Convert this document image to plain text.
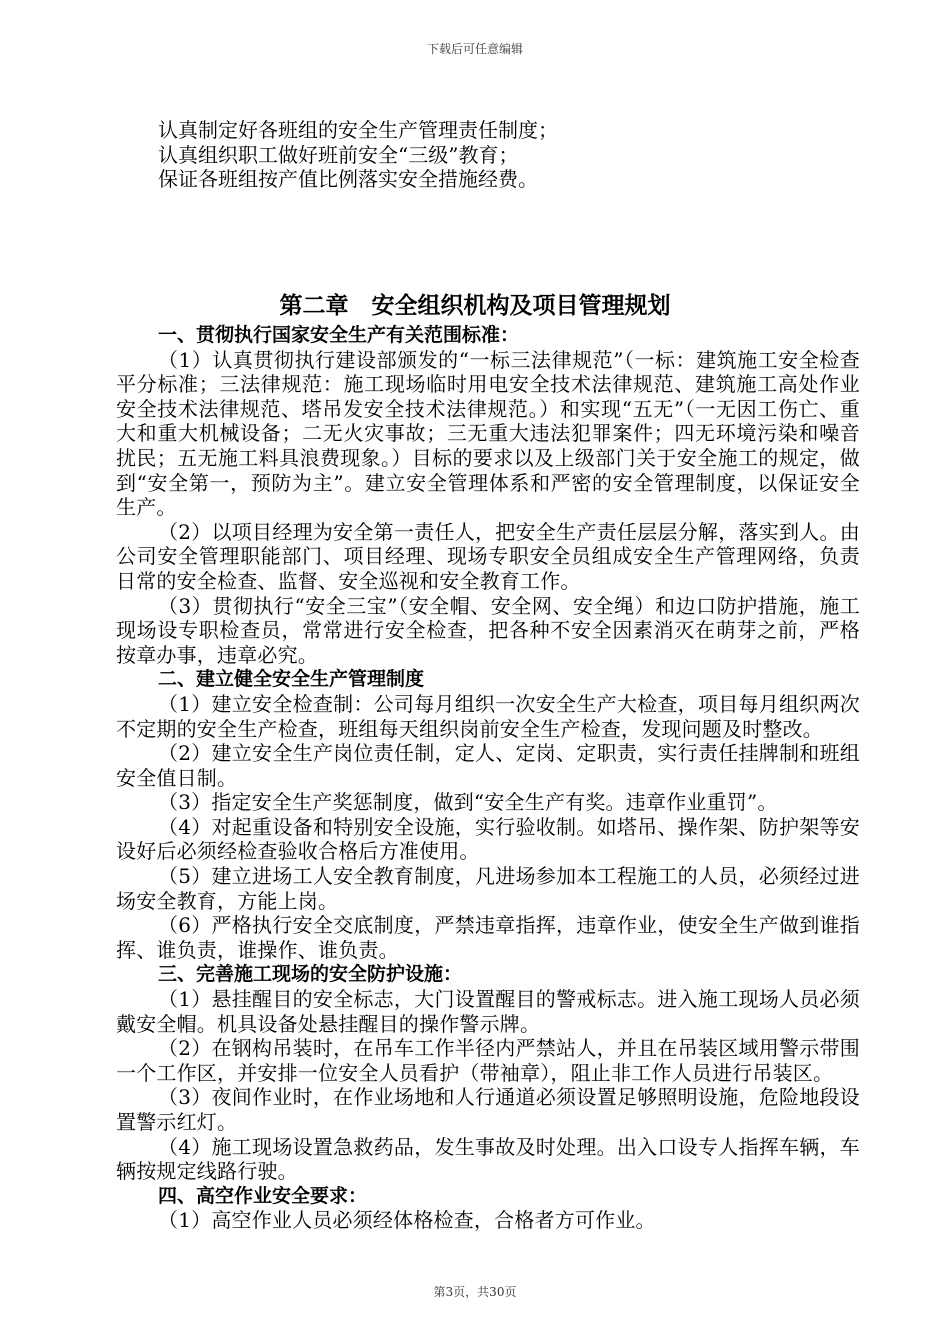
下载后可任意编辑
认真制定好各班组的安全生产管理责任制度；
认真组织职工做好班前安全“三级”教育；
保证各班组按产值比例落实安全措施经费。
第二章　安全组织机构及项目管理规划
一、贯彻执行国家安全生产有关范围标准：
（1）认真贯彻执行建设部颁发的“一标三法律规范”（一标：建筑施工安全检查平分标准；三法律规范：施工现场临时用电安全技术法律规范、建筑施工高处作业安全技术法律规范、塔吊发安全技术法律规范。）和实现“五无”（一无因工伤亡、重大和重大机械设备；二无火灾事故；三无重大违法犯罪案件；四无环境污染和噪音扰民；五无施工料具浪费现象。）目标的要求以及上级部门关于安全施工的规定，做到“安全第一，预防为主”。建立安全管理体系和严密的安全管理制度，以保证安全生产。
（2）以项目经理为安全第一责任人，把安全生产责任层层分解，落实到人。由公司安全管理职能部门、项目经理、现场专职安全员组成安全生产管理网络，负责日常的安全检查、监督、安全巡视和安全教育工作。
（3）贯彻执行“安全三宝”（安全帽、安全网、安全绳）和边口防护措施，施工现场设专职检查员，常常进行安全检查，把各种不安全因素消灭在萌芽之前，严格按章办事，违章必究。
二、建立健全安全生产管理制度
（1）建立安全检查制：公司每月组织一次安全生产大检查，项目每月组织两次不定期的安全生产检查，班组每天组织岗前安全生产检查，发现问题及时整改。
（2）建立安全生产岗位责任制，定人、定岗、定职责，实行责任挂牌制和班组安全值日制。
（3）指定安全生产奖惩制度，做到“安全生产有奖。违章作业重罚”。
（4）对起重设备和特别安全设施，实行验收制。如塔吊、操作架、防护架等安设好后必须经检查验收合格后方准使用。
（5）建立进场工人安全教育制度，凡进场参加本工程施工的人员，必须经过进场安全教育，方能上岗。
（6）严格执行安全交底制度，严禁违章指挥，违章作业，使安全生产做到谁指挥、谁负责，谁操作、谁负责。
三、完善施工现场的安全防护设施：
（1）悬挂醒目的安全标志，大门设置醒目的警戒标志。进入施工现场人员必须戴安全帽。机具设备处悬挂醒目的操作警示牌。
（2）在钢构吊装时，在吊车工作半径内严禁站人，并且在吊装区域用警示带围一个工作区，并安排一位安全人员看护（带袖章），阻止非工作人员进行吊装区。
（3）夜间作业时，在作业场地和人行通道必须设置足够照明设施，危险地段设置警示红灯。
（4）施工现场设置急救药品，发生事故及时处理。出入口设专人指挥车辆，车辆按规定线路行驶。
四、高空作业安全要求：
（1）高空作业人员必须经体格检查，合格者方可作业。
第3页，共30页
